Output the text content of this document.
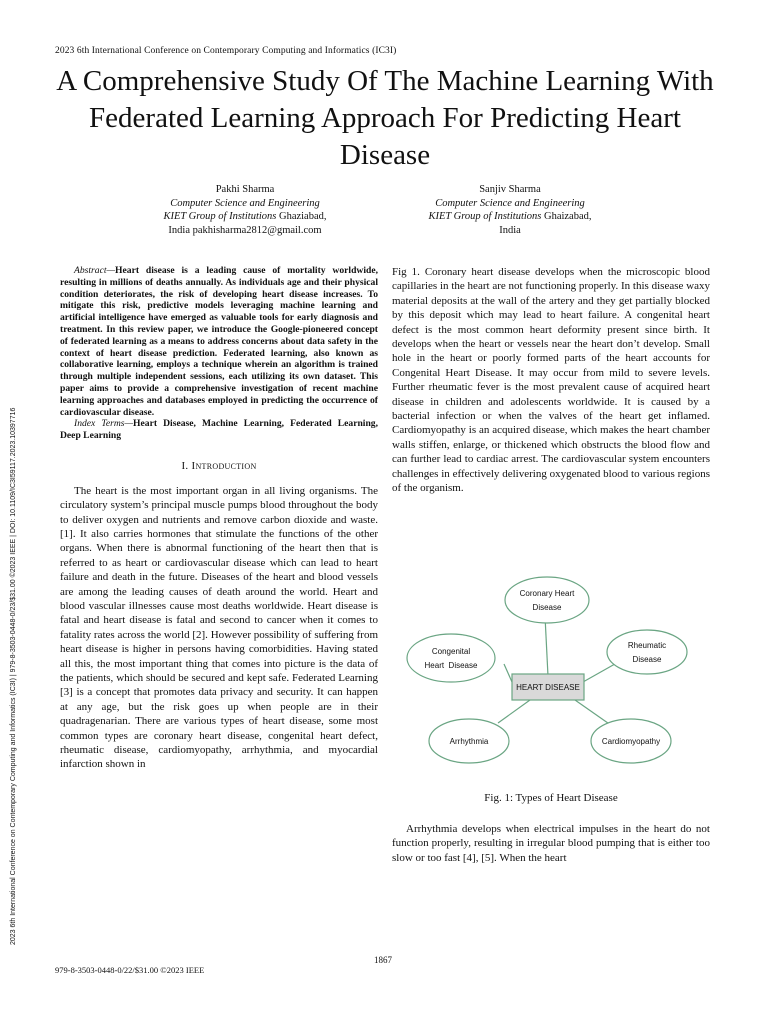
2023 6th International Conference on Contemporary Computing and Informatics (IC3I)
2023 6th International Conference on Contemporary Computing and Informatics (IC3I) | 979-8-3503-0448-0/23/$31.00 ©2023 IEEE | DOI: 10.1109/IC3I59117.2023.10397716
A Comprehensive Study Of The Machine Learning With Federated Learning Approach For Predicting Heart Disease
Pakhi Sharma
Computer Science and Engineering
KIET Group of Institutions Ghaziabad,
India pakhisharma2812@gmail.com
Sanjiv Sharma
Computer Science and Engineering
KIET Group of Institutions Ghaizabad,
India

Abstract—Heart disease is a leading cause of mortality worldwide, resulting in millions of deaths annually. As individuals age and their physical condition deteriorates, the risk of developing heart disease increases. To mitigate this risk, predictive models leveraging machine learning and artificial intelligence have emerged as valuable tools for early diagnosis and treatment. In this review paper, we introduce the Google-pioneered concept of federated learning as a means to address concerns about data safety in the context of heart disease prediction. Federated learning, also known as collaborative learning, employs a technique wherein an algorithm is trained through multiple independent sessions, each utilizing its own dataset. This paper aims to provide a comprehensive investigation of recent machine learning approaches and databases employed in predicting the occurrence of cardiovascular disease.

Index Terms—Heart Disease, Machine Learning, Federated Learning, Deep Learning

I. Introduction

The heart is the most important organ in all living organisms. The circulatory system’s principal muscle pumps blood throughout the body to deliver oxygen and nutrients and remove carbon dioxide and waste. [1]. It also carries hormones that stimulate the functions of the other organs. When there is abnormal functioning of the heart then that is referred to as heart or cardiovascular disease which can lead to heart failure and death in the future. Diseases of the heart and blood vessels are among the leading causes of death around the world. Heart and blood vascular illnesses cause most deaths worldwide. Heart disease is fatal and heart disease is fatal and second to cancer when it comes to fatality rates across the world [2]. However possibility of suffering from heart disease is higher in persons having comorbidities. Having stated all this, the most important thing that comes into picture is the data of the patients, which should be secured and kept safe. Federated Learning [3] is a concept that promotes data privacy and security. It can happen at any age, but the risk goes up when people are in their quadragenarian. There are various types of heart disease, some most common types are coronary heart disease, congenital heart defect, rheumatic disease, cardiomyopathy, arrhythmia, and myocardial infarction shown in

Fig 1. Coronary heart disease develops when the microscopic blood capillaries in the heart are not functioning properly. In this disease waxy material deposits at the wall of the artery and they get partially blocked by this deposit which may lead to heart failure. A congenital heart defect is the most common heart deformity present since birth. It develops when the heart or vessels near the heart don’t develop. Small hole in the heart or poorly formed parts of the heart accounts for Congenital Heart Disease. It may occur from mild to severe levels. Further rheumatic fever is the most prevalent cause of acquired heart disease in children and adolescents worldwide. It is caused by a bacterial infection or when the valves of the heart get inflamed. Cardiomyopathy is an acquired disease, which makes the heart chamber walls stiffen, enlarge, or thickened which obstructs the blood flow and can further lead to cardiac arrest. The cardiovascular system encounters challenges in effectively delivering oxygenated blood to various regions of the organism.

HEART DISEASE
Coronary Heart
Disease
Rheumatic
Disease
Cardiomyopathy
Arrhythmia
Congenital
Heart  Disease
Fig. 1: Types of Heart Disease

Arrhythmia develops when electrical impulses in the heart do not function properly, resulting in irregular blood pumping that is either too slow or too fast [4], [5]. When the heart

1867
979-8-3503-0448-0/22/$31.00 ©2023 IEEE
